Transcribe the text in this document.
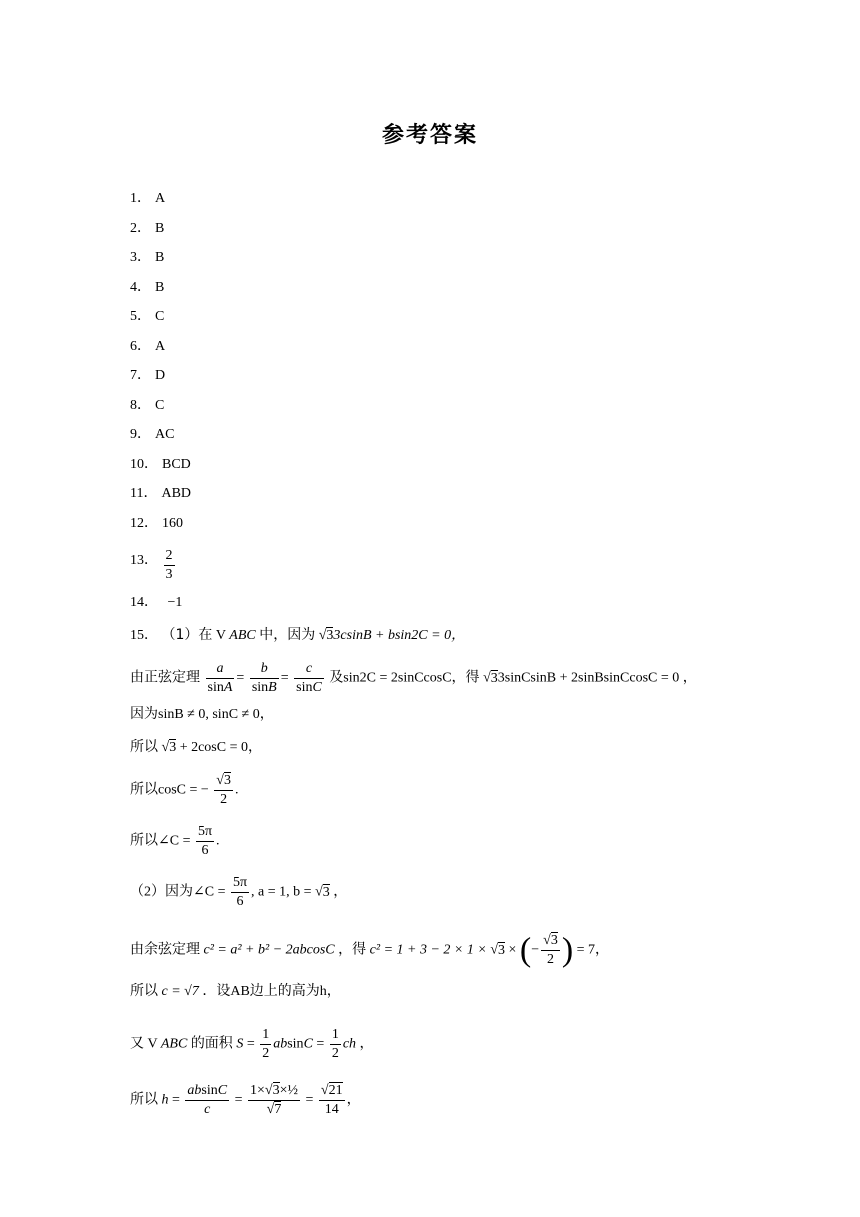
参考答案
1． A
2． B
3． B
4． B
5． C
6． A
7． D
8． C
9． AC
10． BCD
11． ABD
12． 160
13． $\frac{2}{3}$
14． −1
15． （1）在 V ABC 中，因为 √33csinB + bsin2C = 0，
由正弦定理 $\frac{a}{\sin A} = \frac{b}{\sin B} = \frac{c}{\sin C}$ 及sin2C = 2sinCcosC，得 √33sinCsinB + 2sinBsinCcosC = 0 ，
因为sinB ≠ 0, sinC ≠ 0，
所以 √3 + 2cosC = 0，
所以cosC = − $\frac{√3}{2}$ .
所以∠C = $\frac{5\pi}{6}$ .
（2）因为∠C = $\frac{5\pi}{6}$ , a = 1, b = √3 ，
由余弦定理 c² = a² + b² − 2abcosC ，得 c² = 1 + 3 − 2 × 1 × √3 × (− $\frac{√3}{2}$ ) = 7，
所以 c = √7 ．设AB边上的高为h，
又 V ABC 的面积 $S = \frac{1}{2}$ $absinC = \frac{1}{2}$ ch ，
所以 $h = \frac{absinC}{c} = \frac{\text{1×√3×½}}{√7} = \frac{√21}{14}$ ，
